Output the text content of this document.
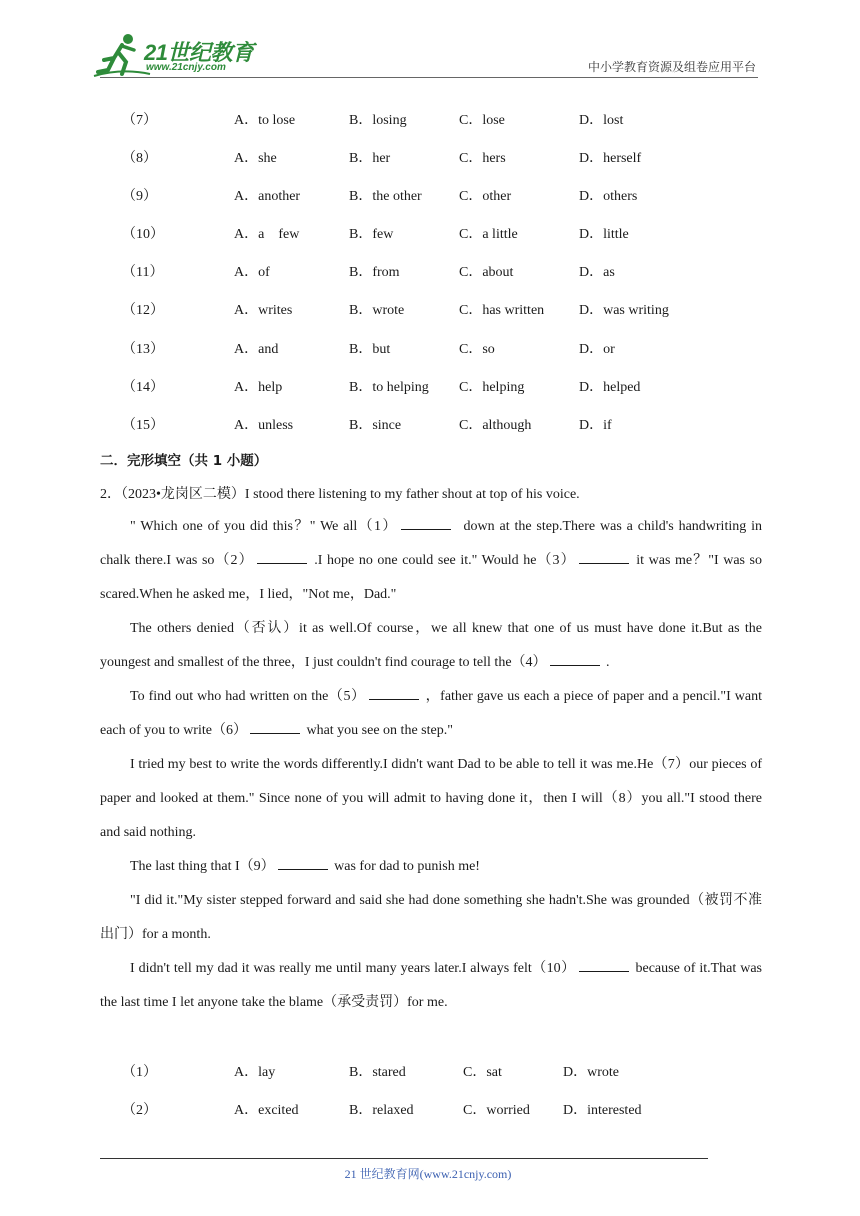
21世纪教育
www.21cnjy.com	中小学教育资源及组卷应用平台
（7）	A．to lose	B．losing	C．lose	D．lost
（8）	A．she	B．her	C．hers	D．herself
（9）	A．another	B．the other	C．other	D．others
（10）	A．a　few	B．few	C．a little	D．little
（11）	A．of	B．from	C．about	D．as
（12）	A．writes	B．wrote	C．has written D．was writing
（13）	A．and	B．but	C．so	D．or
（14）	A．help	B．to helping C．helping	D．helped
（15）	A．unless	B．since	C．although	D．if
二．完形填空（共 1 小题）
2．（2023•龙岗区二模）I stood there listening to my father shout at top of his voice.

" Which one of you did this？" We all（1）	down at the step.There was a child's handwriting in chalk there.I was so（2）	.I hope no one could see it." Would he（3）	it was me？"I was so scared.When he asked me，I lied，"Not me，Dad."

The others denied（否认）it as well.Of course，we all knew that one of us must have done it.But as the youngest and smallest of the three，I just couldn't find courage to tell the（4）	.

To find out who had written on the（5）	，father gave us each a piece of paper and a pencil."I want each of you to write（6）	what you see on the step."

I tried my best to write the words differently.I didn't want Dad to be able to tell it was me.He（7）our pieces of paper and looked at them." Since none of you will admit to having done it，then I will（8）you all."I stood there and said nothing.

The last thing that I（9）	was for dad to punish me!

"I did it."My sister stepped forward and said she had done something she hadn't.She was grounded（被罚不准出门）for a month.

I didn't tell my dad it was really me until many years later.I always felt（10）	because of it.That was the last time I let anyone take the blame（承受责罚）for me.

（1）	A．lay	B．stared	C．sat	D．wrote
（2）	A．excited	B．relaxed	C．worried D．interested
21 世纪教育网(www.21cnjy.com)
